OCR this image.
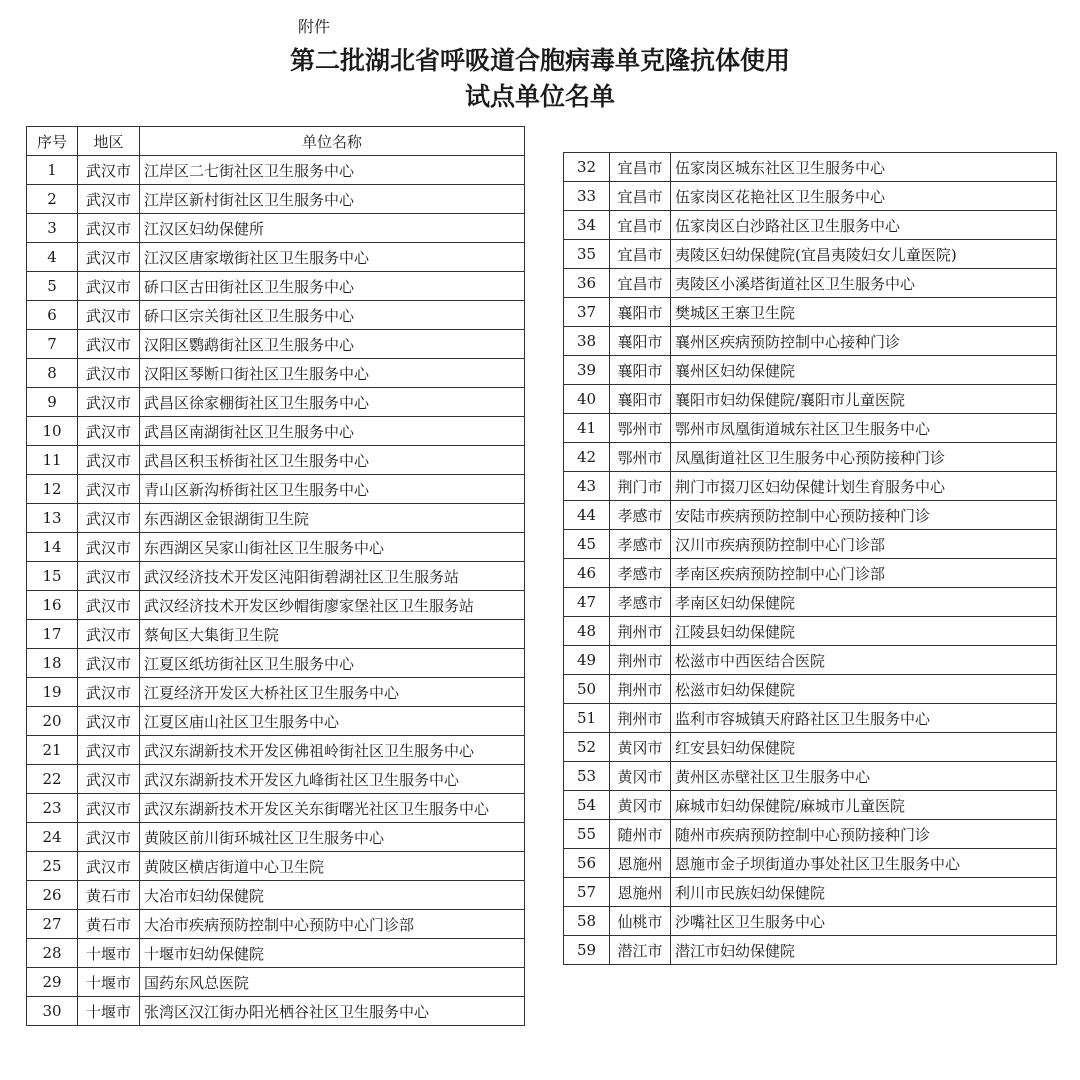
附件
第二批湖北省呼吸道合胞病毒单克隆抗体使用
试点单位名单
序号	地区	单位名称
1	武汉市	江岸区二七街社区卫生服务中心
2	武汉市	江岸区新村街社区卫生服务中心
3	武汉市	江汉区妇幼保健所
4	武汉市	江汉区唐家墩街社区卫生服务中心
5	武汉市	硚口区古田街社区卫生服务中心
6	武汉市	硚口区宗关街社区卫生服务中心
7	武汉市	汉阳区鹦鹉街社区卫生服务中心
8	武汉市	汉阳区琴断口街社区卫生服务中心
9	武汉市	武昌区徐家棚街社区卫生服务中心
10	武汉市	武昌区南湖街社区卫生服务中心
11	武汉市	武昌区积玉桥街社区卫生服务中心
12	武汉市	青山区新沟桥街社区卫生服务中心
13	武汉市	东西湖区金银湖街卫生院
14	武汉市	东西湖区吴家山街社区卫生服务中心
15	武汉市	武汉经济技术开发区沌阳街碧湖社区卫生服务站
16	武汉市	武汉经济技术开发区纱帽街廖家堡社区卫生服务站
17	武汉市	蔡甸区大集街卫生院
18	武汉市	江夏区纸坊街社区卫生服务中心
19	武汉市	江夏经济开发区大桥社区卫生服务中心
20	武汉市	江夏区庙山社区卫生服务中心
21	武汉市	武汉东湖新技术开发区佛祖岭街社区卫生服务中心
22	武汉市	武汉东湖新技术开发区九峰街社区卫生服务中心
23	武汉市	武汉东湖新技术开发区关东街曙光社区卫生服务中心
24	武汉市	黄陂区前川街环城社区卫生服务中心
25	武汉市	黄陂区横店街道中心卫生院
26	黄石市	大冶市妇幼保健院
27	黄石市	大冶市疾病预防控制中心预防中心门诊部
28	十堰市	十堰市妇幼保健院
29	十堰市	国药东风总医院
30	十堰市	张湾区汉江街办阳光栖谷社区卫生服务中心
32	宜昌市	伍家岗区城东社区卫生服务中心
33	宜昌市	伍家岗区花艳社区卫生服务中心
34	宜昌市	伍家岗区白沙路社区卫生服务中心
35	宜昌市	夷陵区妇幼保健院(宜昌夷陵妇女儿童医院)
36	宜昌市	夷陵区小溪塔街道社区卫生服务中心
37	襄阳市	樊城区王寨卫生院
38	襄阳市	襄州区疾病预防控制中心接种门诊
39	襄阳市	襄州区妇幼保健院
40	襄阳市	襄阳市妇幼保健院/襄阳市儿童医院
41	鄂州市	鄂州市凤凰街道城东社区卫生服务中心
42	鄂州市	凤凰街道社区卫生服务中心预防接种门诊
43	荆门市	荆门市掇刀区妇幼保健计划生育服务中心
44	孝感市	安陆市疾病预防控制中心预防接种门诊
45	孝感市	汉川市疾病预防控制中心门诊部
46	孝感市	孝南区疾病预防控制中心门诊部
47	孝感市	孝南区妇幼保健院
48	荆州市	江陵县妇幼保健院
49	荆州市	松滋市中西医结合医院
50	荆州市	松滋市妇幼保健院
51	荆州市	监利市容城镇天府路社区卫生服务中心
52	黄冈市	红安县妇幼保健院
53	黄冈市	黄州区赤壁社区卫生服务中心
54	黄冈市	麻城市妇幼保健院/麻城市儿童医院
55	随州市	随州市疾病预防控制中心预防接种门诊
56	恩施州	恩施市金子坝街道办事处社区卫生服务中心
57	恩施州	利川市民族妇幼保健院
58	仙桃市	沙嘴社区卫生服务中心
59	潜江市	潜江市妇幼保健院
